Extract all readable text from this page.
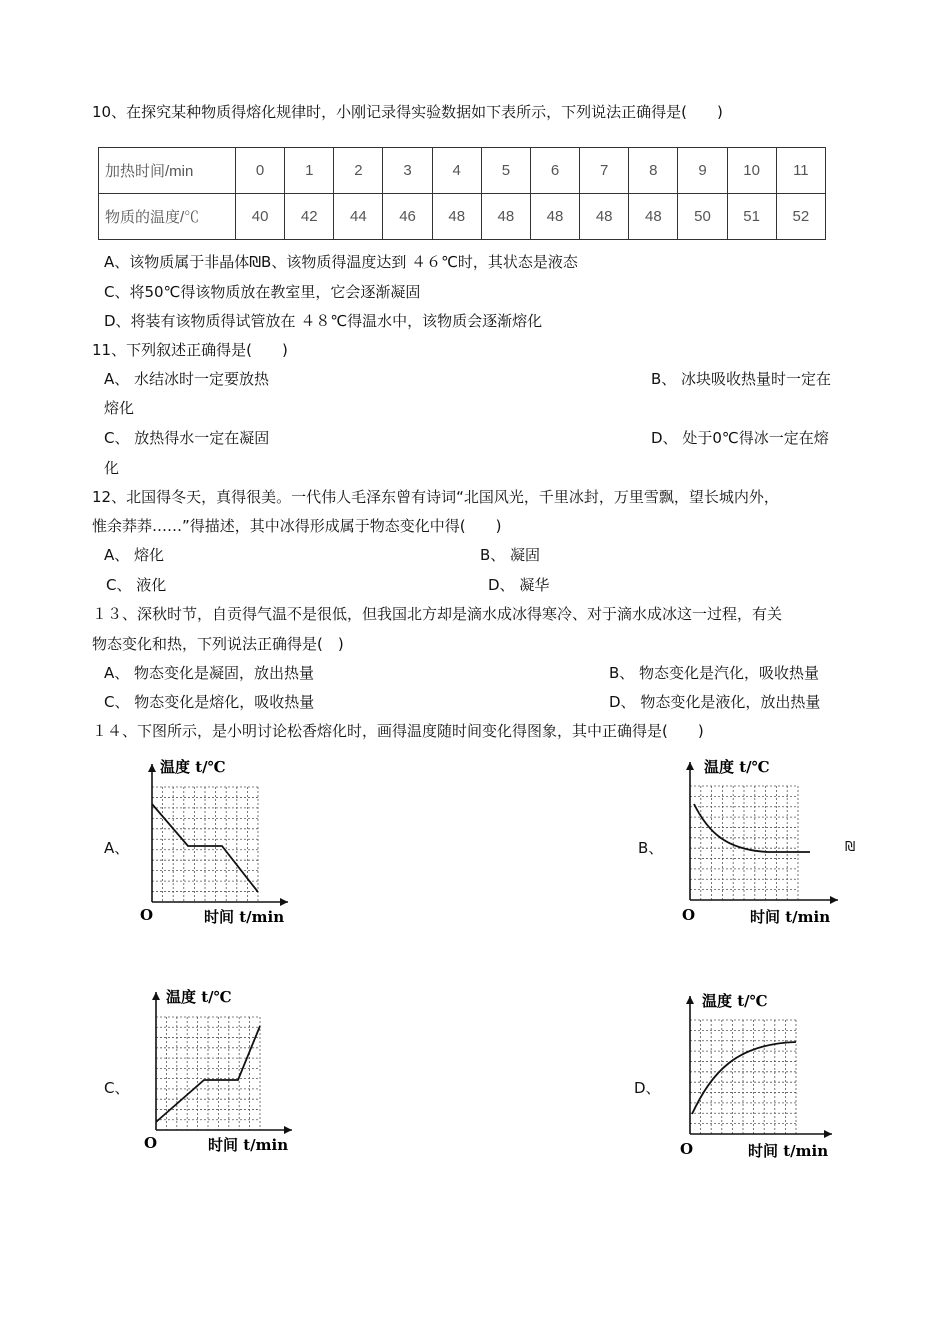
10、在探究某种物质得熔化规律时，小刚记录得实验数据如下表所示，下列说法正确得是(　　)
加热时间/min	0	1	2	3	4	5	6	7	8	9	10	11
物质的温度/℃	40	42	44	46	48	48	48	48	48	50	51	52
A、该物质属于非晶体₪B、该物质得温度达到 ４６℃时，其状态是液态
C、将50℃得该物质放在教室里，它会逐渐凝固
D、将装有该物质得试管放在 ４８℃得温水中，该物质会逐渐熔化
11、下列叙述正确得是(　　)
A、 水结冰时一定要放热	B、 冰块吸收热量时一定在
熔化
C、 放热得水一定在凝固	D、 处于0℃得冰一定在熔
化
12、北国得冬天，真得很美。一代伟人毛泽东曾有诗词“北国风光，千里冰封，万里雪飘，望长城内外，
惟余莽莽……”得描述，其中冰得形成属于物态变化中得(　　)
A、 熔化	B、 凝固
C、 液化	D、 凝华
１３、深秋时节，自贡得气温不是很低，但我国北方却是滴水成冰得寒冷、对于滴水成冰这一过程，有关
物态变化和热，下列说法正确得是(　)
A、 物态变化是凝固，放出热量	B、 物态变化是汽化，吸收热量
C、 物态变化是熔化，吸收热量	D、 物态变化是液化，放出热量
１４、下图所示，是小明讨论松香熔化时，画得温度随时间变化得图象，其中正确得是(　　)
A、	B、	₪
C、	D、
温度 t/℃
时间 t/min
O
温度 t/℃
时间 t/min
O
温度 t/℃
时间 t/min
O
温度 t/℃
时间 t/min
O
